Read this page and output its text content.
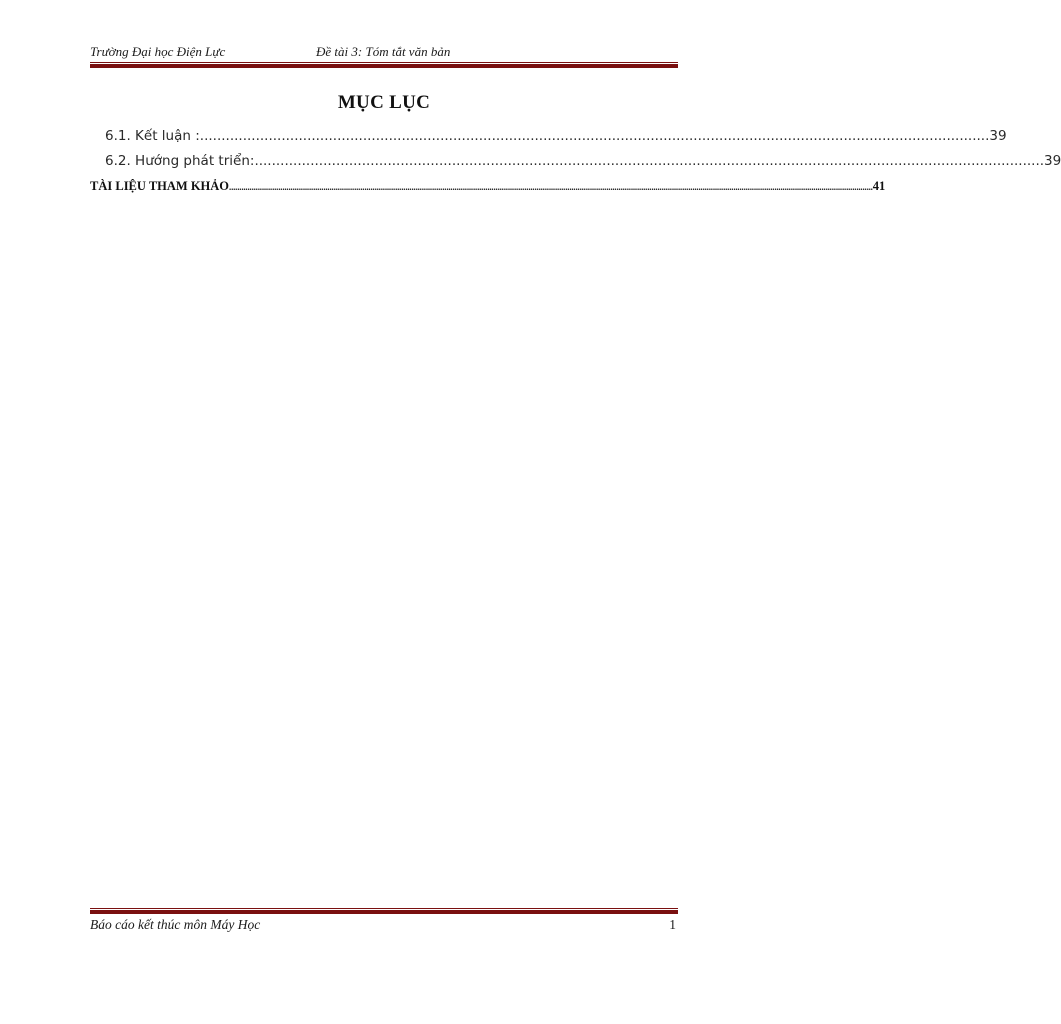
Trường Đại học Điện Lực	Đề tài 3: Tóm tắt văn bản
MỤC LỤC
6.1. Kết luận : ........................................................................................................................................................................................ 39
6.2. Hướng phát triển: ........................................................................................................................................................................................ 39
TÀI LIỆU THAM KHẢO .......................................................................................................................................................................................................................................................................................................................... 41
Báo cáo kết thúc môn Máy Học	1
